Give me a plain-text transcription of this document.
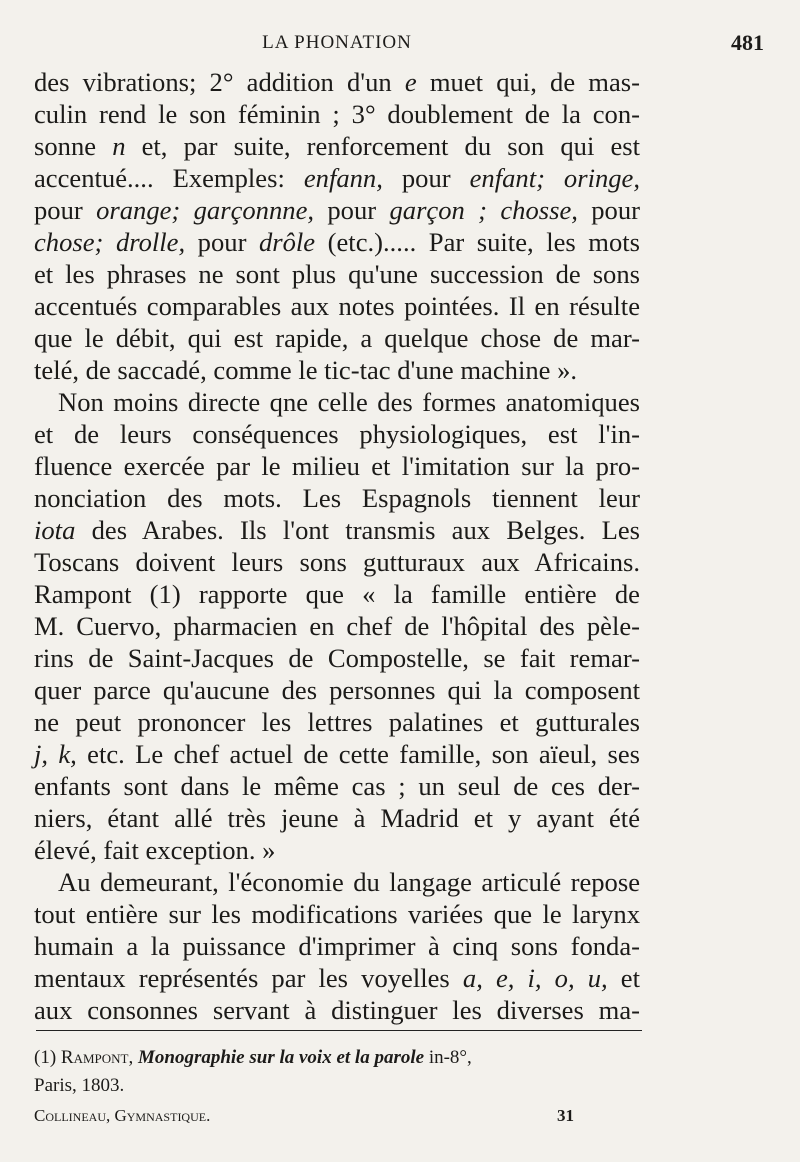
LA PHONATION	481

des vibrations; 2° addition d'un e muet qui, de mas-
culin rend le son féminin ; 3° doublement de la con-
sonne n et, par suite, renforcement du son qui est
accentué.... Exemples: enfann, pour enfant; oringe,
pour orange; garçonnne, pour garçon ; chosse, pour
chose; drolle, pour drôle (etc.)..... Par suite, les mots
et les phrases ne sont plus qu'une succession de sons
accentués comparables aux notes pointées. Il en résulte
que le débit, qui est rapide, a quelque chose de mar-
telé, de saccadé, comme le tic-tac d'une machine ».

Non moins directe qne celle des formes anatomiques
et de leurs conséquences physiologiques, est l'in-
fluence exercée par le milieu et l'imitation sur la pro-
nonciation des mots. Les Espagnols tiennent leur
iota des Arabes. Ils l'ont transmis aux Belges. Les
Toscans doivent leurs sons gutturaux aux Africains.
Rampont (1) rapporte que « la famille entière de
M. Cuervo, pharmacien en chef de l'hôpital des pèle-
rins de Saint-Jacques de Compostelle, se fait remar-
quer parce qu'aucune des personnes qui la composent
ne peut prononcer les lettres palatines et gutturales
j, k, etc. Le chef actuel de cette famille, son aïeul, ses
enfants sont dans le même cas ; un seul de ces der-
niers, étant allé très jeune à Madrid et y ayant été
élevé, fait exception. »

Au demeurant, l'économie du langage articulé repose
tout entière sur les modifications variées que le larynx
humain a la puissance d'imprimer à cinq sons fonda-
mentaux représentés par les voyelles a, e, i, o, u, et
aux consonnes servant à distinguer les diverses ma-

(1) Rampont, Monographie sur la voix et la parole in-8°,
Paris, 1803.
Collineau, Gymnastique.	31
